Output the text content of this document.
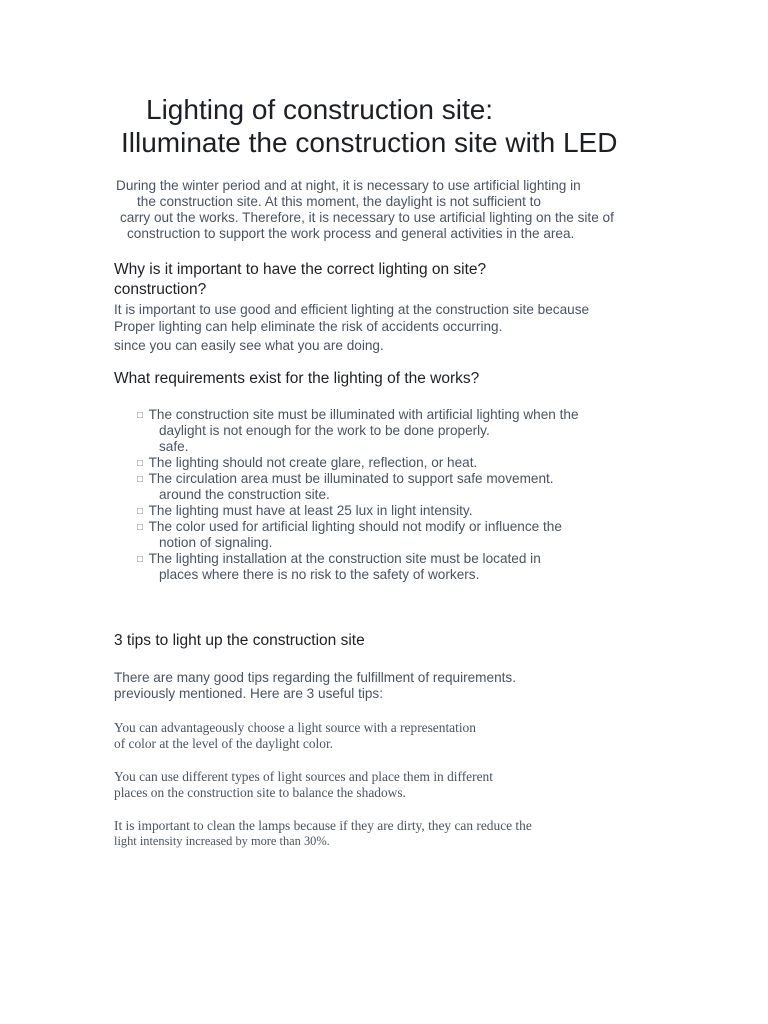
Lighting of construction site:
Illuminate the construction site with LED
During the winter period and at night, it is necessary to use artificial lighting in
the construction site. At this moment, the daylight is not sufficient to
carry out the works. Therefore, it is necessary to use artificial lighting on the site of
construction to support the work process and general activities in the area.
Why is it important to have the correct lighting on site?
construction?
It is important to use good and efficient lighting at the construction site because
Proper lighting can help eliminate the risk of accidents occurring.
since you can easily see what you are doing.
What requirements exist for the lighting of the works?
□ The construction site must be illuminated with artificial lighting when the
daylight is not enough for the work to be done properly.
safe.
□ The lighting should not create glare, reflection, or heat.
□ The circulation area must be illuminated to support safe movement.
around the construction site.
□ The lighting must have at least 25 lux in light intensity.
□ The color used for artificial lighting should not modify or influence the
notion of signaling.
□ The lighting installation at the construction site must be located in
places where there is no risk to the safety of workers.
3 tips to light up the construction site
There are many good tips regarding the fulfillment of requirements.
previously mentioned. Here are 3 useful tips:
You can advantageously choose a light source with a representation
of color at the level of the daylight color.
You can use different types of light sources and place them in different
places on the construction site to balance the shadows.
It is important to clean the lamps because if they are dirty, they can reduce the
light intensity increased by more than 30%.
